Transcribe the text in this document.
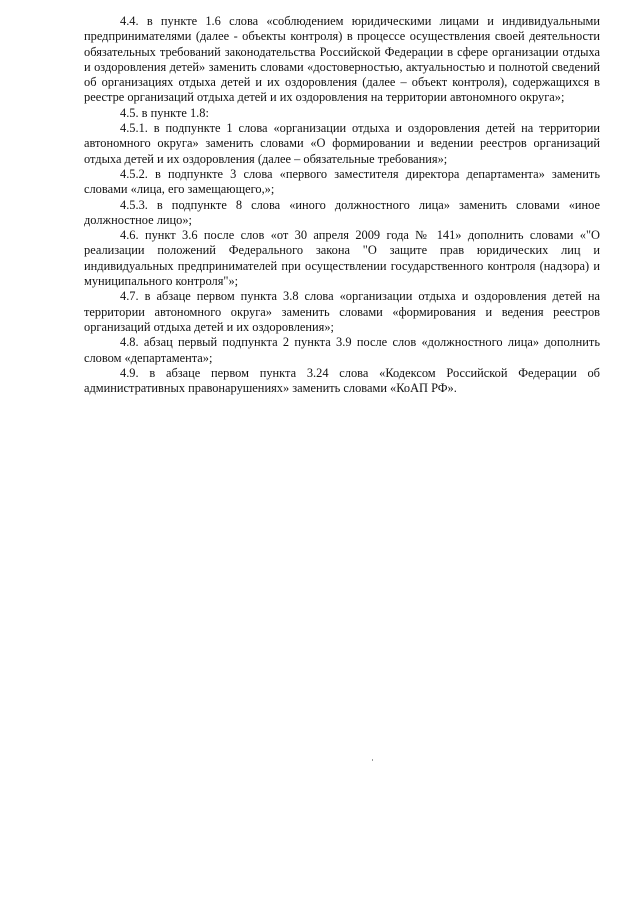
4.4. в пункте 1.6 слова «соблюдением юридическими лицами и индивидуальными предпринимателями (далее - объекты контроля) в процессе осуществления своей деятельности обязательных требований законодательства Российской Федерации в сфере организации отдыха и оздоровления детей» заменить словами «достоверностью, актуальностью и полнотой сведений об организациях отдыха детей и их оздоровления (далее – объект контроля), содержащихся в реестре организаций отдыха детей и их оздоровления на территории автономного округа»;

4.5. в пункте 1.8:

4.5.1. в подпункте 1 слова «организации отдыха и оздоровления детей на территории автономного округа» заменить словами «О формировании и ведении реестров организаций отдыха детей и их оздоровления (далее – обязательные требования»;

4.5.2. в подпункте 3 слова «первого заместителя директора департамента» заменить словами «лица, его замещающего,»;

4.5.3. в подпункте 8 слова «иного должностного лица» заменить словами «иное должностное лицо»;

4.6. пункт 3.6 после слов «от 30 апреля 2009 года № 141» дополнить словами «"О реализации положений Федерального закона "О защите прав юридических лиц и индивидуальных предпринимателей при осуществлении государственного контроля (надзора) и муниципального контроля"»;

4.7. в абзаце первом пункта 3.8 слова «организации отдыха и оздоровления детей на территории автономного округа» заменить словами «формирования и ведения реестров организаций отдыха детей и их оздоровления»;

4.8. абзац первый подпункта 2 пункта 3.9 после слов «должностного лица» дополнить словом «департамента»;

4.9. в абзаце первом пункта 3.24 слова «Кодексом Российской Федерации об административных правонарушениях» заменить словами «КоАП РФ».
